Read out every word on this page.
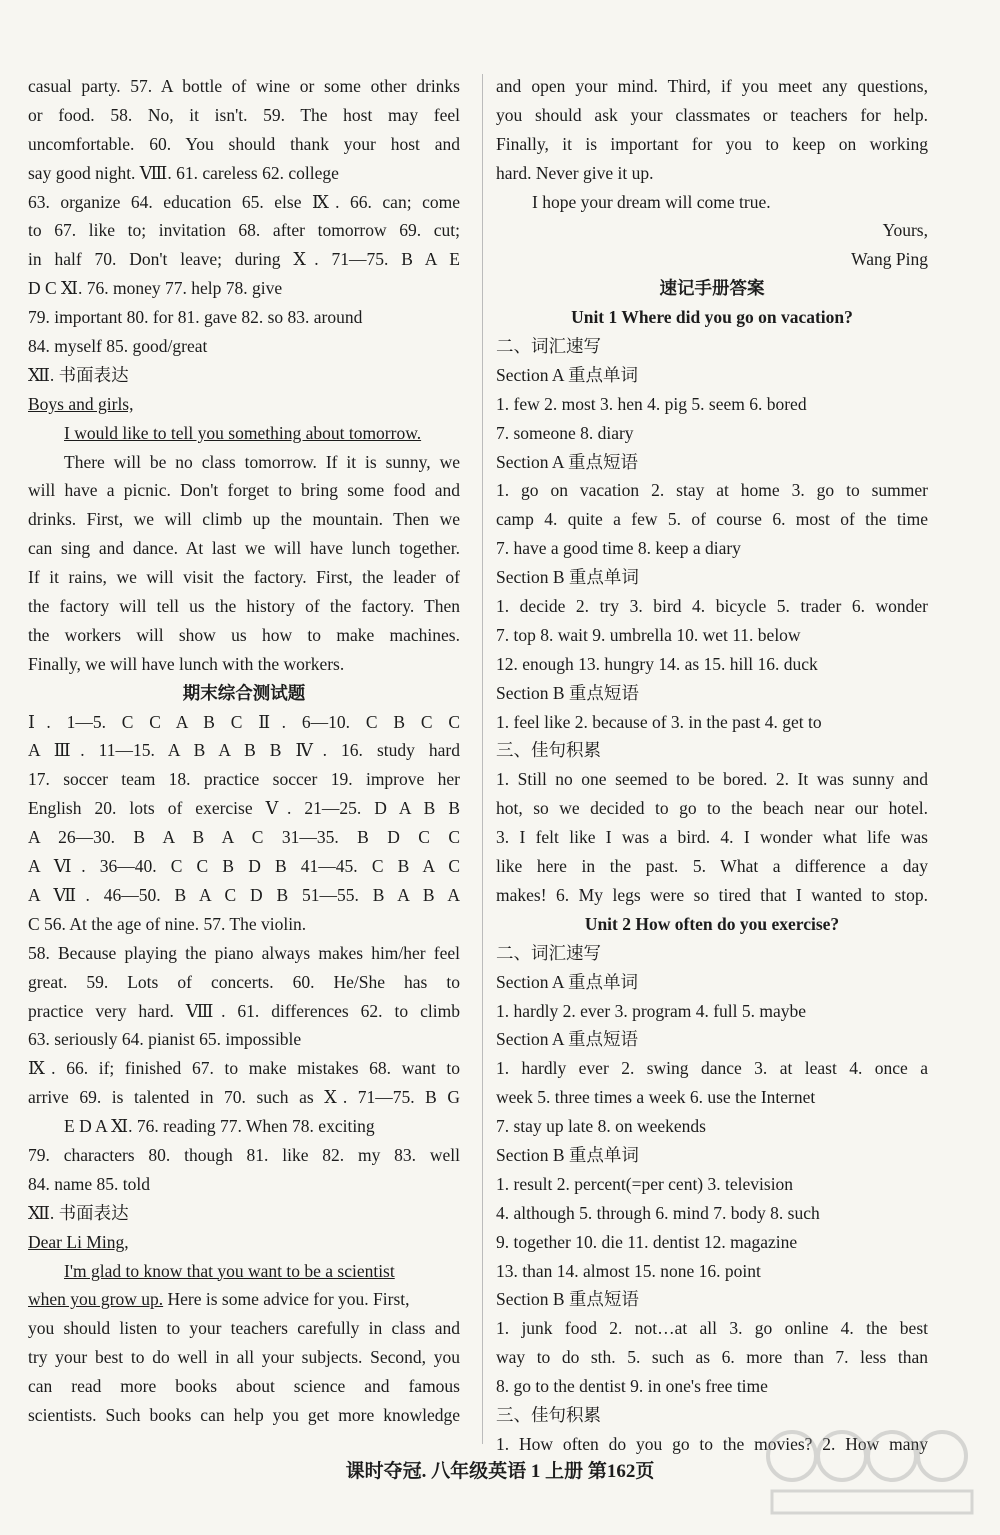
casual party. 57. A bottle of wine or some other drinks
or food. 58. No, it isn't. 59. The host may feel
uncomfortable. 60. You should thank your host and
say good night. Ⅷ. 61. careless 62. college
63. organize 64. education 65. else Ⅸ. 66. can; come
to 67. like to; invitation 68. after tomorrow 69. cut;
in half 70. Don't leave; during Ⅹ. 71—75. B A E
D C Ⅺ. 76. money 77. help 78. give
79. important 80. for 81. gave 82. so 83. around
84. myself 85. good/great
Ⅻ. 书面表达
Boys and girls,
I would like to tell you something about tomorrow.
There will be no class tomorrow. If it is sunny, we
will have a picnic. Don't forget to bring some food and
drinks. First, we will climb up the mountain. Then we
can sing and dance. At last we will have lunch together.
If it rains, we will visit the factory. First, the leader of
the factory will tell us the history of the factory. Then
the workers will show us how to make machines.
Finally, we will have lunch with the workers.
期末综合测试题
Ⅰ. 1—5. C C A B C Ⅱ. 6—10. C B C C
A Ⅲ. 11—15. A B A B B Ⅳ. 16. study hard
17. soccer team 18. practice soccer 19. improve her
English 20. lots of exercise Ⅴ. 21—25. D A B B
A 26—30. B A B A C 31—35. B D C C
A Ⅵ. 36—40. C C B D B 41—45. C B A C
A Ⅶ. 46—50. B A C D B 51—55. B A B A
C 56. At the age of nine. 57. The violin.
58. Because playing the piano always makes him/her feel
great. 59. Lots of concerts. 60. He/She has to
practice very hard. Ⅷ. 61. differences 62. to climb
63. seriously 64. pianist 65. impossible
Ⅸ. 66. if; finished 67. to make mistakes 68. want to
arrive 69. is talented in 70. such as Ⅹ. 71—75. B G
E D A Ⅺ. 76. reading 77. When 78. exciting
79. characters 80. though 81. like 82. my 83. well
84. name 85. told
Ⅻ. 书面表达
Dear Li Ming,
I'm glad to know that you want to be a scientist
when you grow up. Here is some advice for you. First,
you should listen to your teachers carefully in class and
try your best to do well in all your subjects. Second, you
can read more books about science and famous
scientists. Such books can help you get more knowledge
and open your mind. Third, if you meet any questions,
you should ask your classmates or teachers for help.
Finally, it is important for you to keep on working
hard. Never give it up.
I hope your dream will come true.
Yours,
Wang Ping
速记手册答案
Unit 1 Where did you go on vacation?
二、词汇速写
Section A 重点单词
1. few 2. most 3. hen 4. pig 5. seem 6. bored
7. someone 8. diary
Section A 重点短语
1. go on vacation 2. stay at home 3. go to summer
camp 4. quite a few 5. of course 6. most of the time
7. have a good time 8. keep a diary
Section B 重点单词
1. decide 2. try 3. bird 4. bicycle 5. trader 6. wonder
7. top 8. wait 9. umbrella 10. wet 11. below
12. enough 13. hungry 14. as 15. hill 16. duck
Section B 重点短语
1. feel like 2. because of 3. in the past 4. get to
三、佳句积累
1. Still no one seemed to be bored. 2. It was sunny and
hot, so we decided to go to the beach near our hotel.
3. I felt like I was a bird. 4. I wonder what life was
like here in the past. 5. What a difference a day
makes! 6. My legs were so tired that I wanted to stop.
Unit 2 How often do you exercise?
二、词汇速写
Section A 重点单词
1. hardly 2. ever 3. program 4. full 5. maybe
Section A 重点短语
1. hardly ever 2. swing dance 3. at least 4. once a
week 5. three times a week 6. use the Internet
7. stay up late 8. on weekends
Section B 重点单词
1. result 2. percent(=per cent) 3. television
4. although 5. through 6. mind 7. body 8. such
9. together 10. die 11. dentist 12. magazine
13. than 14. almost 15. none 16. point
Section B 重点短语
1. junk food 2. not…at all 3. go online 4. the best
way to do sth. 5. such as 6. more than 7. less than
8. go to the dentist 9. in one's free time
三、佳句积累
1. How often do you go to the movies? 2. How many
课时夺冠. 八年级英语 1 上册 第162页
